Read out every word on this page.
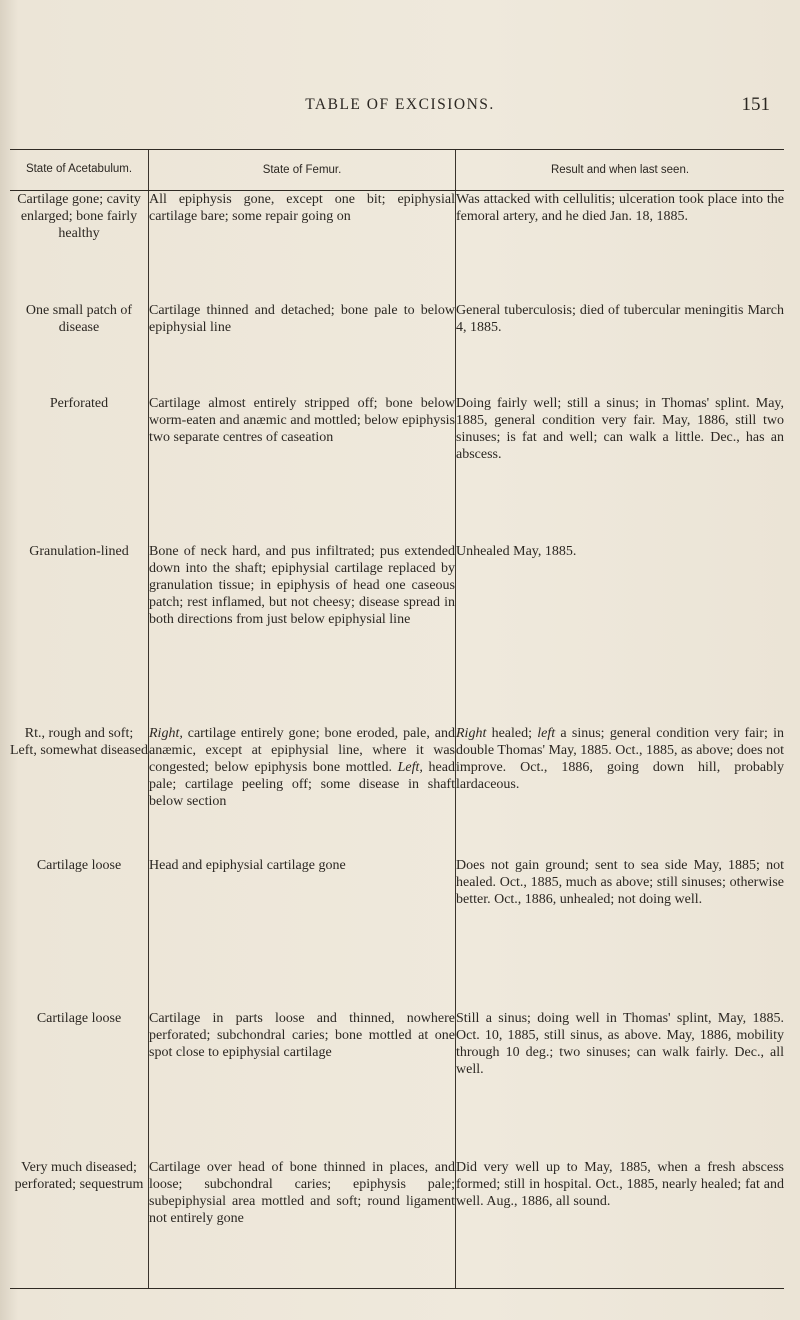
TABLE OF EXCISIONS.	151
State of Acetabulum.	State of Femur.	Result and when last seen.
Cartilage gone; cavity enlarged; bone fairly healthy	All epiphysis gone, except one bit; epiphysial cartilage bare; some repair going on	Was attacked with cellulitis; ulceration took place into the femoral artery, and he died Jan. 18, 1885.
One small patch of disease	Cartilage thinned and detached; bone pale to below epiphysial line	General tuberculosis; died of tubercular meningitis March 4, 1885.
Perforated	Cartilage almost entirely stripped off; bone below worm-eaten and anæmic and mottled; below epiphysis two separate centres of caseation	Doing fairly well; still a sinus; in Thomas' splint. May, 1885, general condition very fair. May, 1886, still two sinuses; is fat and well; can walk a little. Dec., has an abscess.
Granulation-lined	Bone of neck hard, and pus infiltrated; pus extended down into the shaft; epiphysial cartilage replaced by granulation tissue; in epiphysis of head one caseous patch; rest inflamed, but not cheesy; disease spread in both directions from just below epiphysial line	Unhealed May, 1885.
Rt., rough and soft; Left, somewhat diseased	Right, cartilage entirely gone; bone eroded, pale, and anæmic, except at epiphysial line, where it was congested; below epiphysis bone mottled. Left, head pale; cartilage peeling off; some disease in shaft below section	Right healed; left a sinus; general condition very fair; in double Thomas' May, 1885. Oct., 1885, as above; does not improve. Oct., 1886, going down hill, probably lardaceous.
Cartilage loose	Head and epiphysial cartilage gone	Does not gain ground; sent to sea side May, 1885; not healed. Oct., 1885, much as above; still sinuses; otherwise better. Oct., 1886, unhealed; not doing well.
Cartilage loose	Cartilage in parts loose and thinned, nowhere perforated; subchondral caries; bone mottled at one spot close to epiphysial cartilage	Still a sinus; doing well in Thomas' splint, May, 1885. Oct. 10, 1885, still sinus, as above. May, 1886, mobility through 10 deg.; two sinuses; can walk fairly. Dec., all well.
Very much diseased; perforated; sequestrum	Cartilage over head of bone thinned in places, and loose; subchondral caries; epiphysis pale; subepiphysial area mottled and soft; round ligament not entirely gone	Did very well up to May, 1885, when a fresh abscess formed; still in hospital. Oct., 1885, nearly healed; fat and well. Aug., 1886, all sound.
